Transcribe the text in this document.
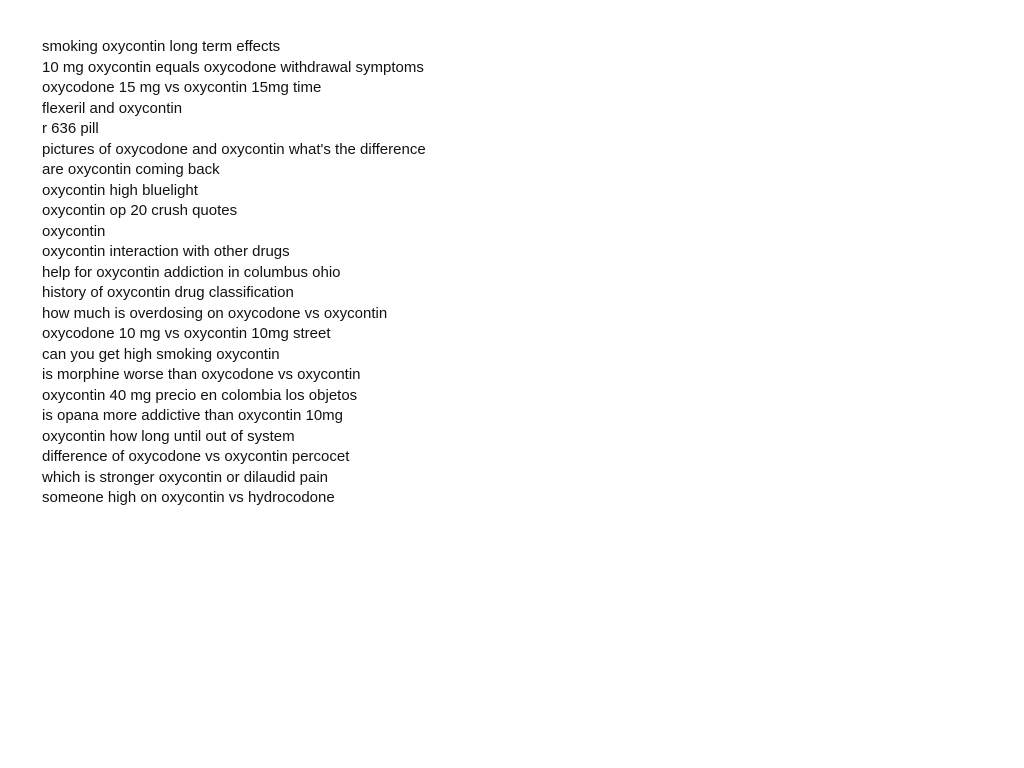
smoking oxycontin long term effects
10 mg oxycontin equals oxycodone withdrawal symptoms
oxycodone 15 mg vs oxycontin 15mg time
flexeril and oxycontin
r 636 pill
pictures of oxycodone and oxycontin what's the difference
are oxycontin coming back
oxycontin high bluelight
oxycontin op 20 crush quotes
oxycontin
oxycontin interaction with other drugs
help for oxycontin addiction in columbus ohio
history of oxycontin drug classification
how much is overdosing on oxycodone vs oxycontin
oxycodone 10 mg vs oxycontin 10mg street
can you get high smoking oxycontin
is morphine worse than oxycodone vs oxycontin
oxycontin 40 mg precio en colombia los objetos
is opana more addictive than oxycontin 10mg
oxycontin how long until out of system
difference of oxycodone vs oxycontin percocet
which is stronger oxycontin or dilaudid pain
someone high on oxycontin vs hydrocodone
